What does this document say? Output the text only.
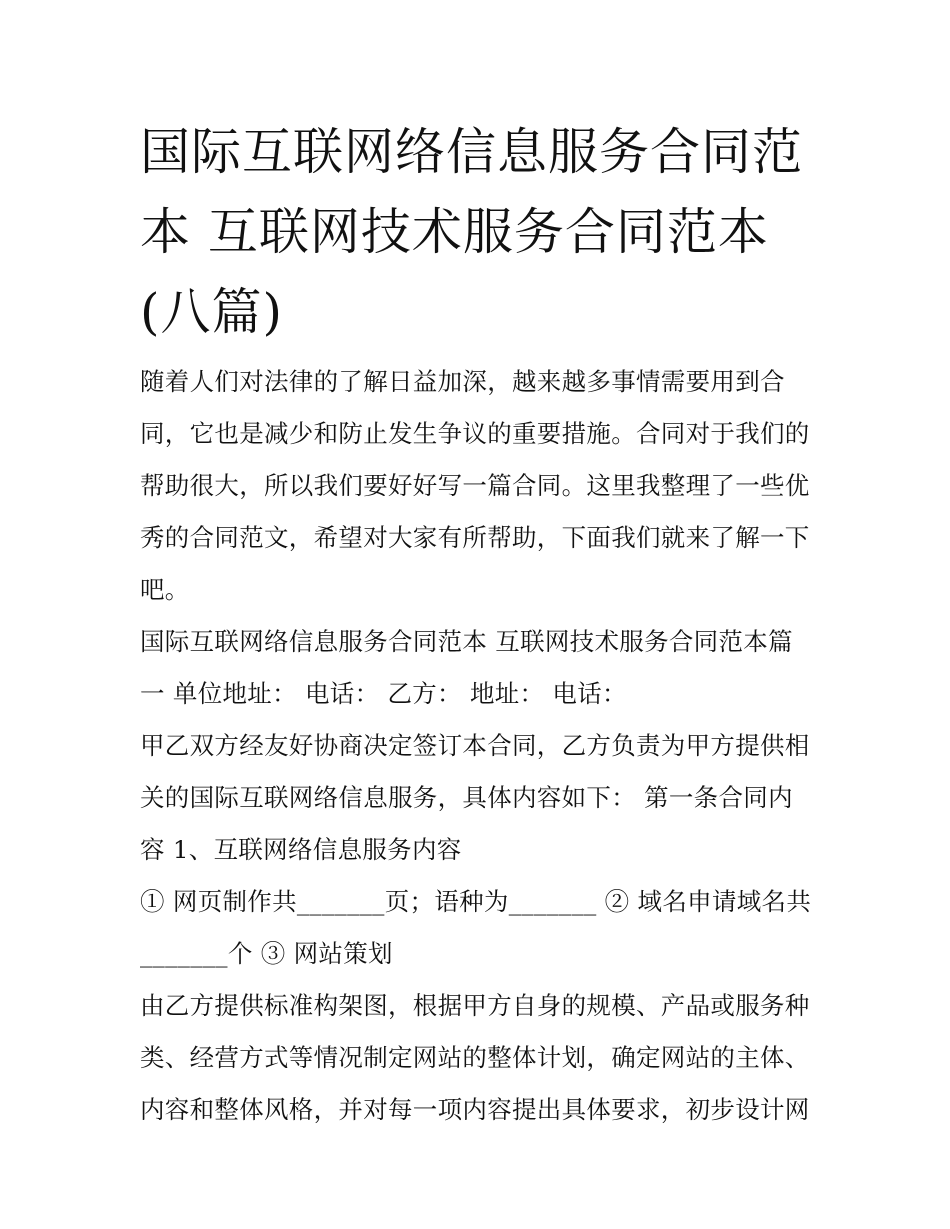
国际互联网络信息服务合同范
本 互联网技术服务合同范本
(八篇)

随着人们对法律的了解日益加深，越来越多事情需要用到合
同，它也是减少和防止发生争议的重要措施。合同对于我们的
帮助很大，所以我们要好好写一篇合同。这里我整理了一些优
秀的合同范文，希望对大家有所帮助，下面我们就来了解一下
吧。

国际互联网络信息服务合同范本 互联网技术服务合同范本篇
一 单位地址： 电话： 乙方： 地址： 电话：

甲乙双方经友好协商决定签订本合同，乙方负责为甲方提供相
关的国际互联网络信息服务，具体内容如下： 第一条合同内
容 1、互联网络信息服务内容

① 网页制作共_______页；语种为_______ ② 域名申请域名共
_______个 ③ 网站策划

由乙方提供标准构架图，根据甲方自身的规模、产品或服务种
类、经营方式等情况制定网站的整体计划，确定网站的主体、
内容和整体风格，并对每一项内容提出具体要求，初步设计网
